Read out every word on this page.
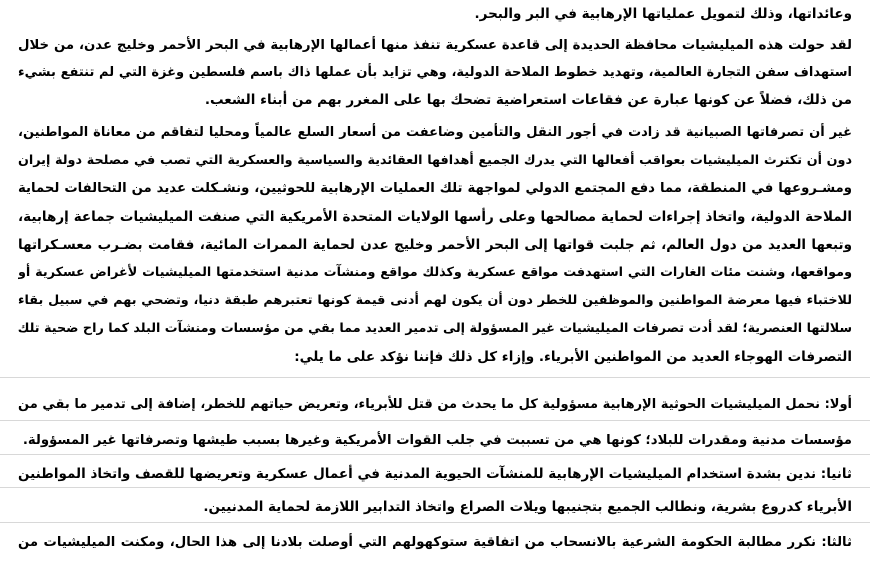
وعائداتها، وذلك لتمويل عملياتها الإرهابية في البر والبحر.
لقد حولت هذه الميليشيات محافظة الحديدة إلى قاعدة عسكرية تنفذ منها أعمالها الإرهابية في البحر الأحمر وخليج عدن، من خلال
استهداف سفن التجارة العالمية، وتهديد خطوط الملاحة الدولية، وهي تزايد بأن عملها ذاك باسم فلسطين وغزة التي لم تنتفع بشيء
من ذلك، فضلاً عن كونها عبارة عن فقاعات استعراضية تضحك بها على المغرر بهم من أبناء الشعب.
غير أن تصرفاتها الصبيانية قد زادت في أجور النقل والتأمين وضاعفت من أسعار السلع عالمياً ومحليا لتفاقم من معاناة المواطنين،
دون أن تكترث الميليشيات بعواقب أفعالها التي يدرك الجميع أهدافها العقائدية والسياسية والعسكرية التي تصب في مصلحة دولة إيران
ومشـروعها في المنطقة، مما دفع المجتمع الدولي لمواجهة تلك العمليات الإرهابية للحوثيين، ونشـكلت عديد من التحالفات لحماية
الملاحة الدولية، واتخاذ إجراءات لحماية مصالحها وعلى رأسها الولايات المتحدة الأمريكية التي صنفت الميليشيات جماعة إرهابية،
وتبعها العديد من دول العالم، ثم جلبت قواتها إلى البحر الأحمر وخليج عدن لحماية الممرات المائية، فقامت بضـرب معسـكراتها
ومواقعها، وشنت مئات الغارات التي استهدفت مواقع عسكرية وكذلك مواقع ومنشآت مدنية استخدمتها الميليشيات لأغراض عسكرية أو
للاختباء فيها معرضة المواطنين والموظفين للخطر دون أن يكون لهم أدنى قيمة كونها تعتبرهم طبقة دنيا، وتضحي بهم في سبيل بقاء
سلالتها العنصرية؛ لقد أدت تصرفات الميليشيات غير المسؤولة إلى تدمير العديد مما بقي من مؤسسات ومنشآت البلد كما راح ضحية تلك
التصرفات الهوجاء العديد من المواطنين الأبرياء. وإزاء كل ذلك فإننا نؤكد على ما يلي:
أولا: نحمل الميليشيات الحوثية الإرهابية مسؤولية كل ما يحدث من قتل للأبرياء، وتعريض حياتهم للخطر، إضافة إلى تدمير ما بقي من
مؤسسات مدنية ومقدرات للبلاد؛ كونها هي من تسببت في جلب القوات الأمريكية وغيرها بسبب طيشها وتصرفاتها غير المسؤولة.
ثانيا: ندين بشدة استخدام الميليشيات الإرهابية للمنشآت الحيوية المدنية في أعمال عسكرية وتعريضها للقصف واتخاذ المواطنين
الأبرياء كدروع بشرية، ونطالب الجميع بتجنيبها ويلات الصراع واتخاذ التدابير اللازمة لحماية المدنيين.
ثالثا: نكرر مطالبة الحكومة الشرعية بالانسحاب من اتفاقية ستوكهولهم التي أوصلت بلادنا إلى هذا الحال، ومكنت الميليشيات من
